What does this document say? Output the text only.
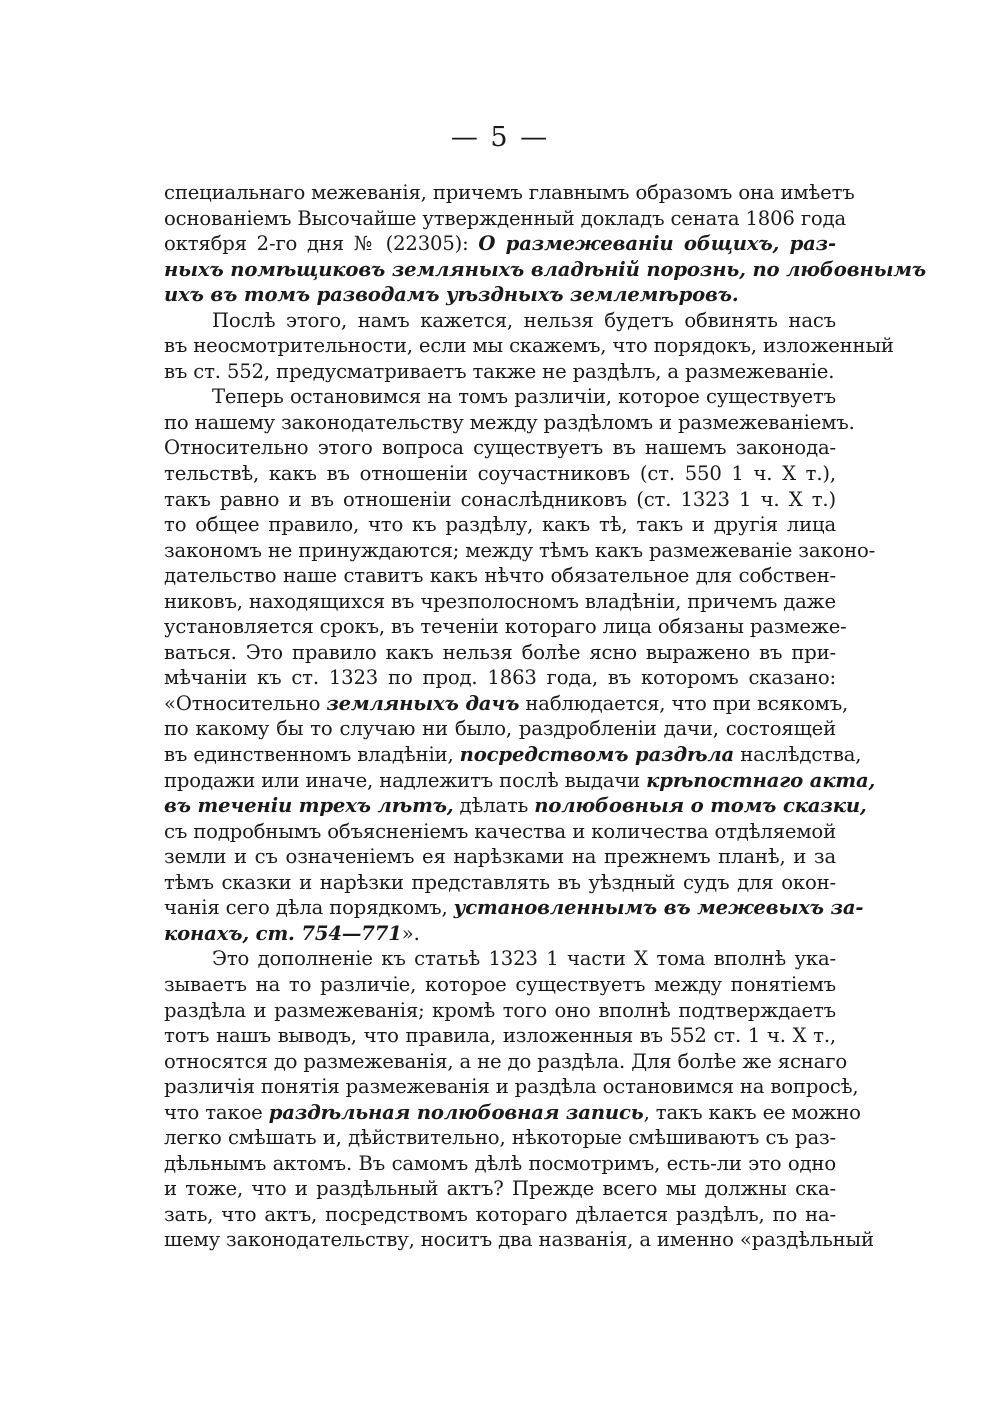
— 5 —
специальнаго межеванія, причемъ главнымъ образомъ она имѣетъ
основаніемъ Высочайше утвержденный докладъ сената 1806 года
октября 2-го дня № (22305): О размежеваніи общихъ, раз-
ныхъ помѣщиковъ земляныхъ владѣній порознь, по любовнымъ
ихъ въ томъ разводамъ уѣздныхъ землемѣровъ.
Послѣ этого, намъ кажется, нельзя будетъ обвинять насъ
въ неосмотрительности, если мы скажемъ, что порядокъ, изложенный
въ ст. 552, предусматриваетъ также не раздѣлъ, а размежеваніе.
Теперь остановимся на томъ различіи, которое существуетъ
по нашему законодательству между раздѣломъ и размежеваніемъ.
Относительно этого вопроса существуетъ въ нашемъ законода-
тельствѣ, какъ въ отношеніи соучастниковъ (ст. 550 1 ч. X т.),
такъ равно и въ отношеніи сонаслѣдниковъ (ст. 1323 1 ч. X т.)
то общее правило, что къ раздѣлу, какъ тѣ, такъ и другія лица
закономъ не принуждаются; между тѣмъ какъ размежеваніе законо-
дательство наше ставитъ какъ нѣчто обязательное для собствен-
никовъ, находящихся въ чрезполосномъ владѣніи, причемъ даже
установляется срокъ, въ теченіи котораго лица обязаны размеже-
ваться. Это правило какъ нельзя болѣе ясно выражено въ при-
мѣчаніи къ ст. 1323 по прод. 1863 года, въ которомъ сказано:
«Относительно земляныхъ дачъ наблюдается, что при всякомъ,
по какому бы то случаю ни было, раздробленіи дачи, состоящей
въ единственномъ владѣніи, посредствомъ раздѣла наслѣдства,
продажи или иначе, надлежитъ послѣ выдачи крѣпостнаго акта,
въ теченіи трехъ лѣтъ, дѣлать полюбовныя о томъ сказки,
съ подробнымъ объясненіемъ качества и количества отдѣляемой
земли и съ означеніемъ ея нарѣзками на прежнемъ планѣ, и за
тѣмъ сказки и нарѣзки представлять въ уѣздный судъ для окон-
чанія сего дѣла порядкомъ, установленнымъ въ межевыхъ за-
конахъ, ст. 754—771».
Это дополненіе къ статьѣ 1323 1 части X тома вполнѣ ука-
зываетъ на то различіе, которое существуетъ между понятіемъ
раздѣла и размежеванія; кромѣ того оно вполнѣ подтверждаетъ
тотъ нашъ выводъ, что правила, изложенныя въ 552 ст. 1 ч. X т.,
относятся до размежеванія, а не до раздѣла. Для болѣе же яснаго
различія понятія размежеванія и раздѣла остановимся на вопросѣ,
что такое раздѣльная полюбовная запись, такъ какъ ее можно
легко смѣшать и, дѣйствительно, нѣкоторые смѣшиваютъ съ раз-
дѣльнымъ актомъ. Въ самомъ дѣлѣ посмотримъ, есть-ли это одно
и тоже, что и раздѣльный актъ? Прежде всего мы должны ска-
зать, что актъ, посредствомъ котораго дѣлается раздѣлъ, по на-
шему законодательству, носитъ два названія, а именно «раздѣльный
